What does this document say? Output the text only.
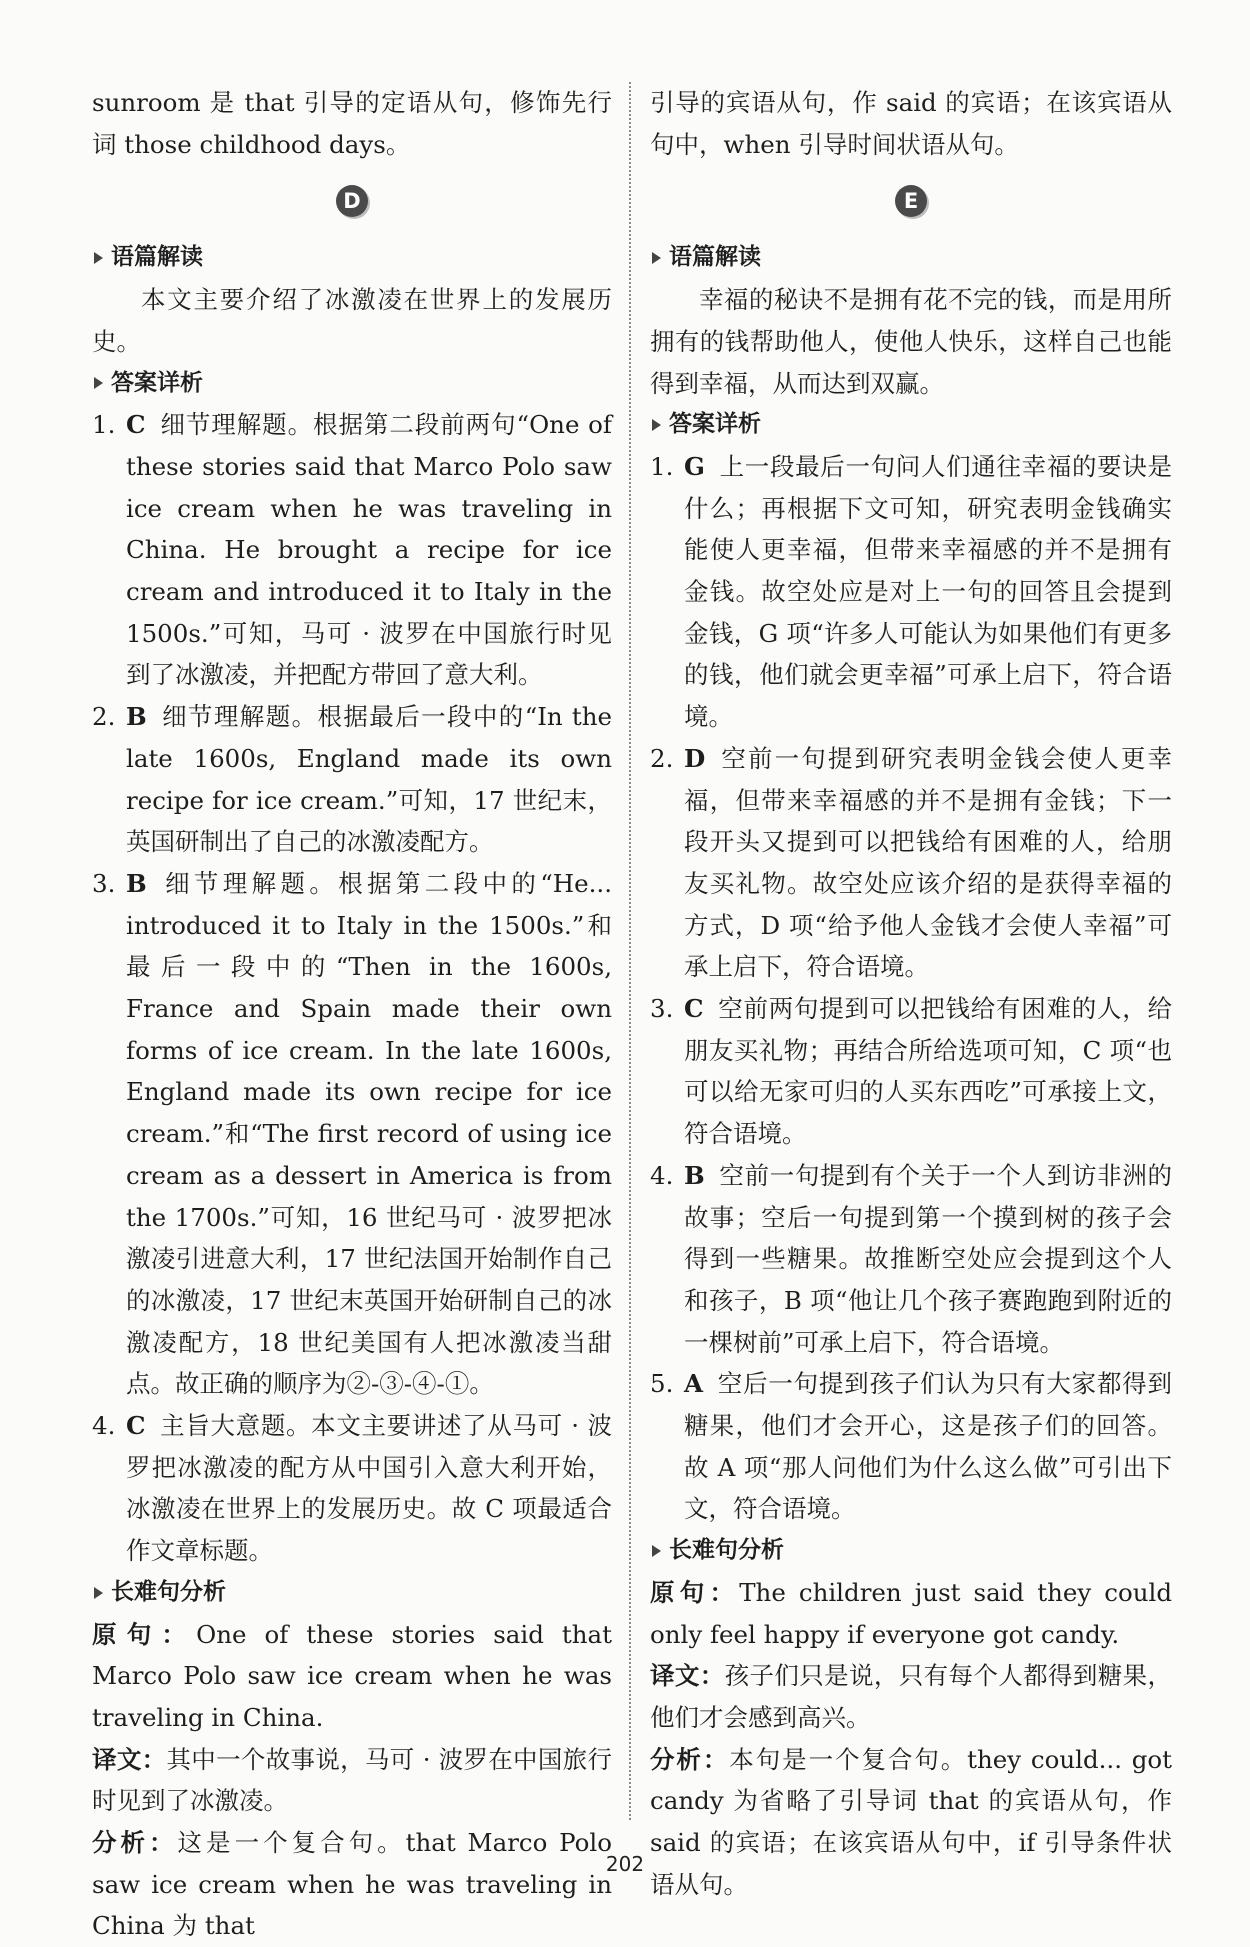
sunroom 是 that 引导的定语从句，修饰先行词 those childhood days。

D
语篇解读

本文主要介绍了冰激凌在世界上的发展历史。

答案详析
1. C 细节理解题。根据第二段前两句“One of these stories said that Marco Polo saw ice cream when he was traveling in China. He brought a recipe for ice cream and introduced it to Italy in the 1500s.”可知，马可 · 波罗在中国旅行时见到了冰激凌，并把配方带回了意大利。
2. B 细节理解题。根据最后一段中的“In the late 1600s, England made its own recipe for ice cream.”可知，17 世纪末，英国研制出了自己的冰激凌配方。
3. B 细节理解题。根据第二段中的“He... introduced it to Italy in the 1500s.”和最后一段中的“Then in the 1600s, France and Spain made their own forms of ice cream. In the late 1600s, England made its own recipe for ice cream.”和“The first record of using ice cream as a dessert in America is from the 1700s.”可知，16 世纪马可 · 波罗把冰激凌引进意大利，17 世纪法国开始制作自己的冰激凌，17 世纪末英国开始研制自己的冰激凌配方，18 世纪美国有人把冰激凌当甜点。故正确的顺序为②-③-④-①。
4. C 主旨大意题。本文主要讲述了从马可 · 波罗把冰激凌的配方从中国引入意大利开始，冰激凌在世界上的发展历史。故 C 项最适合作文章标题。
长难句分析

原句：One of these stories said that Marco Polo saw ice cream when he was traveling in China.

译文：其中一个故事说，马可 · 波罗在中国旅行时见到了冰激凌。

分析：这是一个复合句。that Marco Polo saw ice cream when he was traveling in China 为 that

引导的宾语从句，作 said 的宾语；在该宾语从句中，when 引导时间状语从句。

E
语篇解读

幸福的秘诀不是拥有花不完的钱，而是用所拥有的钱帮助他人，使他人快乐，这样自己也能得到幸福，从而达到双赢。

答案详析
1. G 上一段最后一句问人们通往幸福的要诀是什么；再根据下文可知，研究表明金钱确实能使人更幸福，但带来幸福感的并不是拥有金钱。故空处应是对上一句的回答且会提到金钱，G 项“许多人可能认为如果他们有更多的钱，他们就会更幸福”可承上启下，符合语境。
2. D 空前一句提到研究表明金钱会使人更幸福，但带来幸福感的并不是拥有金钱；下一段开头又提到可以把钱给有困难的人，给朋友买礼物。故空处应该介绍的是获得幸福的方式，D 项“给予他人金钱才会使人幸福”可承上启下，符合语境。
3. C 空前两句提到可以把钱给有困难的人，给朋友买礼物；再结合所给选项可知，C 项“也可以给无家可归的人买东西吃”可承接上文，符合语境。
4. B 空前一句提到有个关于一个人到访非洲的故事；空后一句提到第一个摸到树的孩子会得到一些糖果。故推断空处应会提到这个人和孩子，B 项“他让几个孩子赛跑跑到附近的一棵树前”可承上启下，符合语境。
5. A 空后一句提到孩子们认为只有大家都得到糖果，他们才会开心，这是孩子们的回答。故 A 项“那人问他们为什么这么做”可引出下文，符合语境。
长难句分析

原句：The children just said they could only feel happy if everyone got candy.

译文：孩子们只是说，只有每个人都得到糖果，他们才会感到高兴。

分析：本句是一个复合句。they could... got candy 为省略了引导词 that 的宾语从句，作 said 的宾语；在该宾语从句中，if 引导条件状语从句。

202
